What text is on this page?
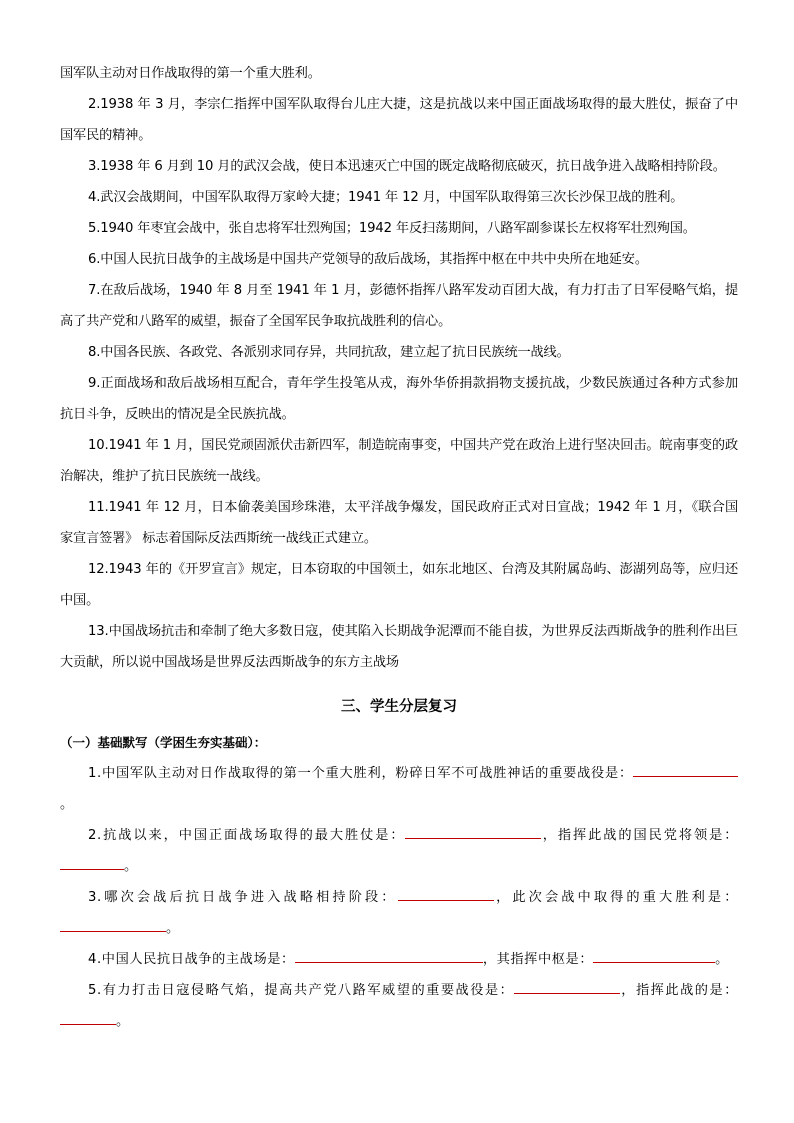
国军队主动对日作战取得的第一个重大胜利。

2.1938 年 3 月，李宗仁指挥中国军队取得台儿庄大捷，这是抗战以来中国正面战场取得的最大胜仗，振奋了中国军民的精神。

3.1938 年 6 月到 10 月的武汉会战，使日本迅速灭亡中国的既定战略彻底破灭，抗日战争进入战略相持阶段。

4.武汉会战期间，中国军队取得万家岭大捷；1941 年 12 月，中国军队取得第三次长沙保卫战的胜利。

5.1940 年枣宜会战中，张自忠将军壮烈殉国；1942 年反扫荡期间，八路军副参谋长左权将军壮烈殉国。

6.中国人民抗日战争的主战场是中国共产党领导的敌后战场，其指挥中枢在中共中央所在地延安。

7.在敌后战场，1940 年 8 月至 1941 年 1 月，彭德怀指挥八路军发动百团大战，有力打击了日军侵略气焰，提高了共产党和八路军的威望，振奋了全国军民争取抗战胜利的信心。

8.中国各民族、各政党、各派别求同存异，共同抗敌，建立起了抗日民族统一战线。

9.正面战场和敌后战场相互配合，青年学生投笔从戎，海外华侨捐款捐物支援抗战，少数民族通过各种方式参加抗日斗争，反映出的情况是全民族抗战。

10.1941 年 1 月，国民党顽固派伏击新四军，制造皖南事变，中国共产党在政治上进行坚决回击。皖南事变的政治解决，维护了抗日民族统一战线。

11.1941 年 12 月，日本偷袭美国珍珠港，太平洋战争爆发，国民政府正式对日宣战；1942 年 1 月，《联合国家宣言签署》 标志着国际反法西斯统一战线正式建立。

12.1943 年的《开罗宣言》规定，日本窃取的中国领土，如东北地区、台湾及其附属岛屿、澎湖列岛等，应归还中国。

13.中国战场抗击和牵制了绝大多数日寇，使其陷入长期战争泥潭而不能自拔，为世界反法西斯战争的胜利作出巨大贡献，所以说中国战场是世界反法西斯战争的东方主战场

三、学生分层复习
（一）基础默写（学困生夯实基础）：

1.中国军队主动对日作战取得的第一个重大胜利，粉碎日军不可战胜神话的重要战役是：。

2.抗战以来，中国正面战场取得的最大胜仗是：	，指挥此战的国民党将领是：。

3.哪次会战后抗日战争进入战略相持阶段：	，此次会战中取得的重大胜利是：。

4.中国人民抗日战争的主战场是：	，其指挥中枢是：	。

5.有力打击日寇侵略气焰，提高共产党八路军威望的重要战役是：	，指挥此战的是：。
